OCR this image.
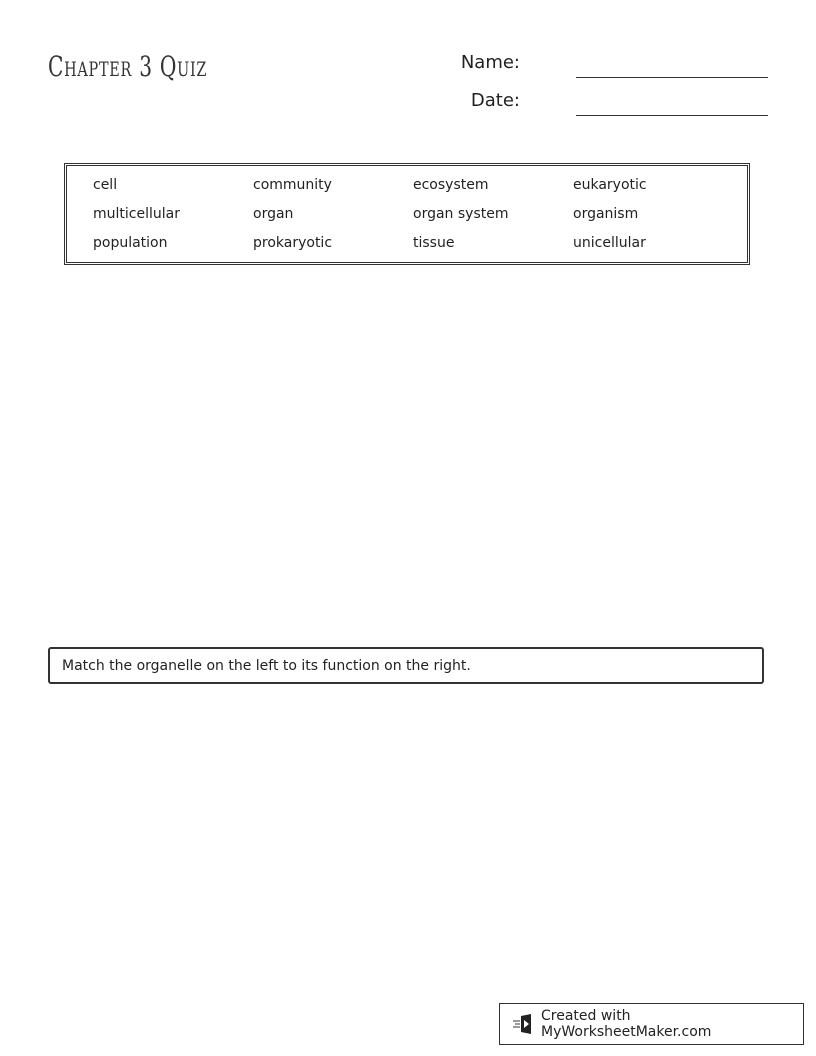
Chapter 3 Quiz	Name:
Date:
cell	community	ecosystem	eukaryotic
multicellular	organ	organ system	organism
population	prokaryotic	tissue	unicellular
Match the organelle on the left to its function on the right.
Created with MyWorksheetMaker.com
